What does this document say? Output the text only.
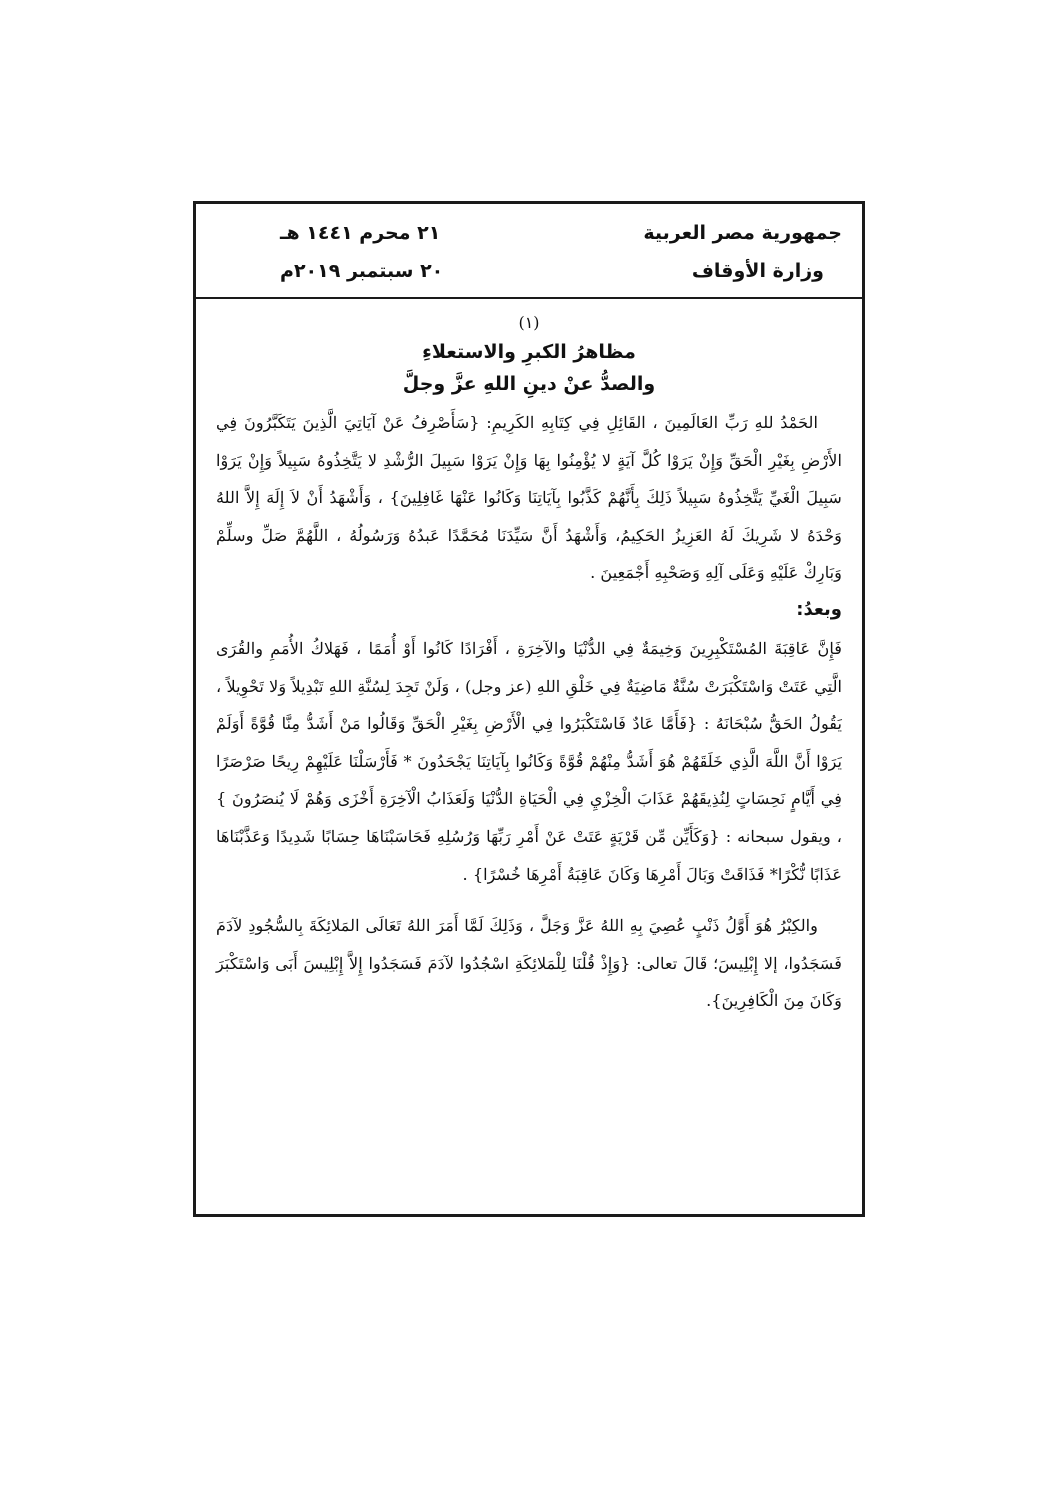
جمهورية مصر العربية
وزارة الأوقاف
٢١ محرم ١٤٤١ هـ
٢٠ سبتمبر ٢٠١٩م

(١)

مظاهرُ الكبرِ والاستعلاءِ

والصدُّ عنْ دينِ اللهِ عزَّ وجلَّ

الحَمْدُ للهِ رَبِّ العَالَمِينَ ، القَائِلِ فِي كِتَابِهِ الكَرِيمِ: {سَأَصْرِفُ عَنْ آيَاتِيَ الَّذِينَ يَتَكَبَّرُونَ فِي الأَرْضِ بِغَيْرِ الْحَقِّ وَإِنْ يَرَوْا كُلَّ آيَةٍ لا يُؤْمِنُوا بِهَا وَإِنْ يَرَوْا سَبِيلَ الرُّشْدِ لا يَتَّخِذُوهُ سَبِيلاً وَإِنْ يَرَوْا سَبِيلَ الْغَيِّ يَتَّخِذُوهُ سَبِيلاً ذَلِكَ بِأَنَّهُمْ كَذَّبُوا بِآيَاتِنَا وَكَانُوا عَنْهَا غَافِلِينَ} ، وَأَشْهَدُ أَنْ لاَ إِلَهَ إِلاَّ اللهُ وَحْدَهُ لا شَرِيكَ لَهُ العَزِيزُ الحَكِيمُ، وَأَشْهَدُ أَنَّ سَيِّدَنَا مُحَمَّدًا عَبدُهُ وَرَسُولُهُ ، اللَّهُمَّ صَلِّ وسلِّمْ وَبَارِكْ عَلَيْهِ وَعَلَى آلِهِ وَصَحْبِهِ أَجْمَعِينَ .

وبعدُ:

فَإِنَّ عَاقِبَةَ المُسْتَكْبِرِينَ وَخِيمَةٌ فِي الدُّنْيَا والآخِرَةِ ، أَفْرَادًا كَانُوا أَوْ أُمَمًا ، فَهَلاكُ الأُمَمِ والقُرَى الَّتِي عَتَتْ وَاسْتَكْبَرَتْ سُنَّةٌ مَاضِيَةٌ فِي خَلْقِ اللهِ (عز وجل) ، وَلَنْ تَجِدَ لِسُنَّةِ اللهِ تَبْدِيلاً وَلا تَحْوِيلاً ، يَقُولُ الحَقُّ سُبْحَانَهُ : {فَأَمَّا عَادٌ فَاسْتَكْبَرُوا فِي الْأَرْضِ بِغَيْرِ الْحَقِّ وَقَالُوا مَنْ أَشَدُّ مِنَّا قُوَّةً أَوَلَمْ يَرَوْا أَنَّ اللَّهَ الَّذِي خَلَقَهُمْ هُوَ أَشَدُّ مِنْهُمْ قُوَّةً وَكَانُوا بِآيَاتِنَا يَجْحَدُونَ * فَأَرْسَلْنَا عَلَيْهِمْ رِيحًا صَرْصَرًا فِي أَيَّامٍ نَحِسَاتٍ لِنُذِيقَهُمْ عَذَابَ الْخِزْيِ فِي الْحَيَاةِ الدُّنْيَا وَلَعَذَابُ الْآخِرَةِ أَخْزَى وَهُمْ لَا يُنصَرُونَ } ، ويقول سبحانه : {وَكَأَيِّن مِّن قَرْيَةٍ عَتَتْ عَنْ أَمْرِ رَبِّهَا وَرُسُلِهِ فَحَاسَبْنَاهَا حِسَابًا شَدِيدًا وَعَذَّبْنَاهَا عَذَابًا نُّكْرًا* فَذَاقَتْ وَبَالَ أَمْرِهَا وَكَانَ عَاقِبَةُ أَمْرِهَا خُسْرًا} .

والكِبْرُ هُوَ أَوَّلُ ذَنْبٍ عُصِيَ بِهِ اللهُ عَزَّ وَجَلَّ ، وَذَلِكَ لَمَّا أَمَرَ اللهُ تَعَالَى المَلائِكَةَ بِالسُّجُودِ لآدَمَ فَسَجَدُوا، إلا إِبْلِيسَ؛ قَالَ تعالى: {وَإِذْ قُلْنَا لِلْمَلائِكَةِ اسْجُدُوا لآدَمَ فَسَجَدُوا إِلاَّ إِبْلِيسَ أَبَى وَاسْتَكْبَرَ وَكَانَ مِنَ الْكَافِرِينَ}.
